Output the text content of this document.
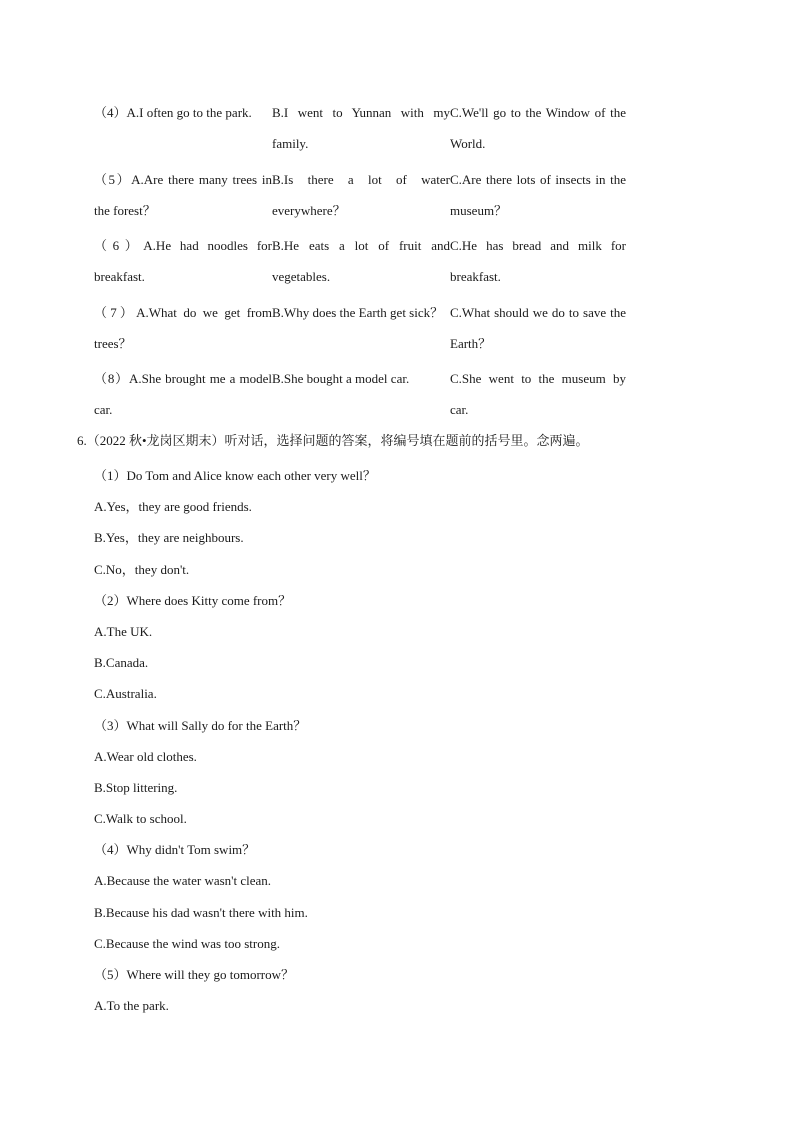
（4）A.I often go to the park.	B.I went to Yunnan with my family.
C.We'll go to the Window of the World.
（5）A.Are there many trees in the forest？
B.Is there a lot of water everywhere？
C.Are there lots of insects in the museum？
（6）A.He had noodles for breakfast.
B.He eats a lot of fruit and vegetables.
C.He has bread and milk for breakfast.
（7）A.What do we get from trees？
B.Why does the Earth get sick？ C.What should we do to save the Earth？
（8）A.She brought me a model car.
B.She bought a model car.	C.She went to the museum by car.
6.（2022 秋•龙岗区期末）听对话，选择问题的答案，将编号填在题前的括号里。念两遍。
（1）Do Tom and Alice know each other very well？
A.Yes，they are good friends.
B.Yes，they are neighbours.
C.No，they don't.
（2）Where does Kitty come from？
A.The UK.
B.Canada.
C.Australia.
（3）What will Sally do for the Earth？
A.Wear old clothes.
B.Stop littering.
C.Walk to school.
（4）Why didn't Tom swim？
A.Because the water wasn't clean.
B.Because his dad wasn't there with him.
C.Because the wind was too strong.
（5）Where will they go tomorrow？
A.To the park.
